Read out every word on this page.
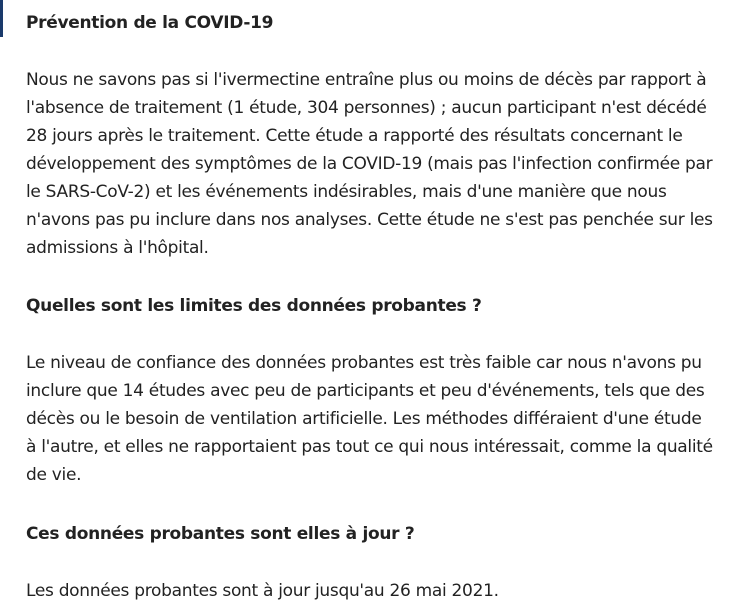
Prévention de la COVID-19

Nous ne savons pas si l'ivermectine entraîne plus ou moins de décès par rapport à l'absence de traitement (1 étude, 304 personnes) ; aucun participant n'est décédé 28 jours après le traitement. Cette étude a rapporté des résultats concernant le développement des symptômes de la COVID-19 (mais pas l'infection confirmée par le SARS-CoV-2) et les événements indésirables, mais d'une manière que nous n'avons pas pu inclure dans nos analyses. Cette étude ne s'est pas penchée sur les admissions à l'hôpital.

Quelles sont les limites des données probantes ?

Le niveau de confiance des données probantes est très faible car nous n'avons pu inclure que 14 études avec peu de participants et peu d'événements, tels que des décès ou le besoin de ventilation artificielle. Les méthodes différaient d'une étude à l'autre, et elles ne rapportaient pas tout ce qui nous intéressait, comme la qualité de vie.

Ces données probantes sont elles à jour ?

Les données probantes sont à jour jusqu'au 26 mai 2021.
